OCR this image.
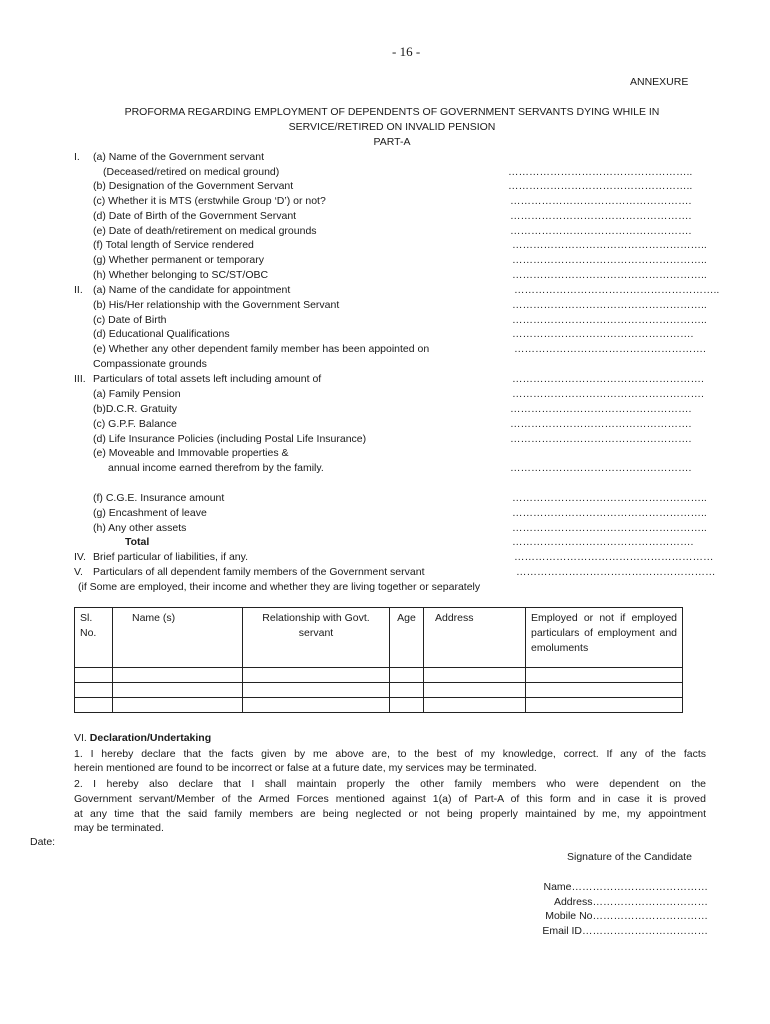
- 16 -
ANNEXURE
PROFORMA REGARDING EMPLOYMENT OF DEPENDENTS OF GOVERNMENT SERVANTS DYING WHILE IN
SERVICE/RETIRED ON INVALID PENSION
PART-A
I. (a) Name of the Government servant
(Deceased/retired on medical ground)	……………………………………………..
(b) Designation of the Government Servant	……………………………………………..
(c) Whether it is MTS (erstwhile Group ‘D’) or not?	…………………………………………….
(d) Date of Birth of the Government Servant	…………………………………………….
(e) Date of death/retirement on medical grounds	…………………………………………….
(f) Total length of Service rendered	………………………………………………..
(g) Whether permanent or temporary	………………………………………………..
(h) Whether belonging to SC/ST/OBC	………………………………………………..
II. (a) Name of the candidate for appointment	…………………………………………………..
(b) His/Her relationship with the Government Servant	………………………………………………..
(c) Date of Birth	………………………………………………..
(d) Educational Qualifications	…………………………………………….
(e) Whether any other dependent family member has been appointed on	……………………………………………….
Compassionate grounds
III. Particulars of total assets left including amount of	……………………………………………….
(a) Family Pension	……………………………………………….
(b)D.C.R. Gratuity	…………………………………………….
(c) G.P.F. Balance	…………………………………………….
(d) Life Insurance Policies (including Postal Life Insurance)	…………………………………………….
(e) Moveable and Immovable properties &
annual income earned therefrom by the family.	…………………………………………….
(f) C.G.E. Insurance amount	………………………………………………..
(g) Encashment of leave	………………………………………………..
(h) Any other assets	………………………………………………..
Total	…………………………………………….
IV. Brief particular of liabilities, if any.	…………………………………………………
V. Particulars of all dependent family members of the Government servant	…………………………………………………
(if Some are employed, their income and whether they are living together or separately
Sl. No.	Name (s)	Relationship with Govt. servant	Age	Address	Employed or not if employed particulars of employment and emoluments

VI. Declaration/Undertaking
1. I hereby declare that the facts given by me above are, to the best of my knowledge, correct. If any of the facts
herein mentioned are found to be incorrect or false at a future date, my services may be terminated.
2. I hereby also declare that I shall maintain properly the other family members who were dependent on the
Government servant/Member of the Armed Forces mentioned against 1(a) of Part-A of this form and in case it is proved
at any time that the said family members are being neglected or not being properly maintained by me, my appointment
may be terminated.
Date:
Signature of the Candidate
Name…………………………………
Address……………………………
Mobile No……………………………
Email ID………………………………
